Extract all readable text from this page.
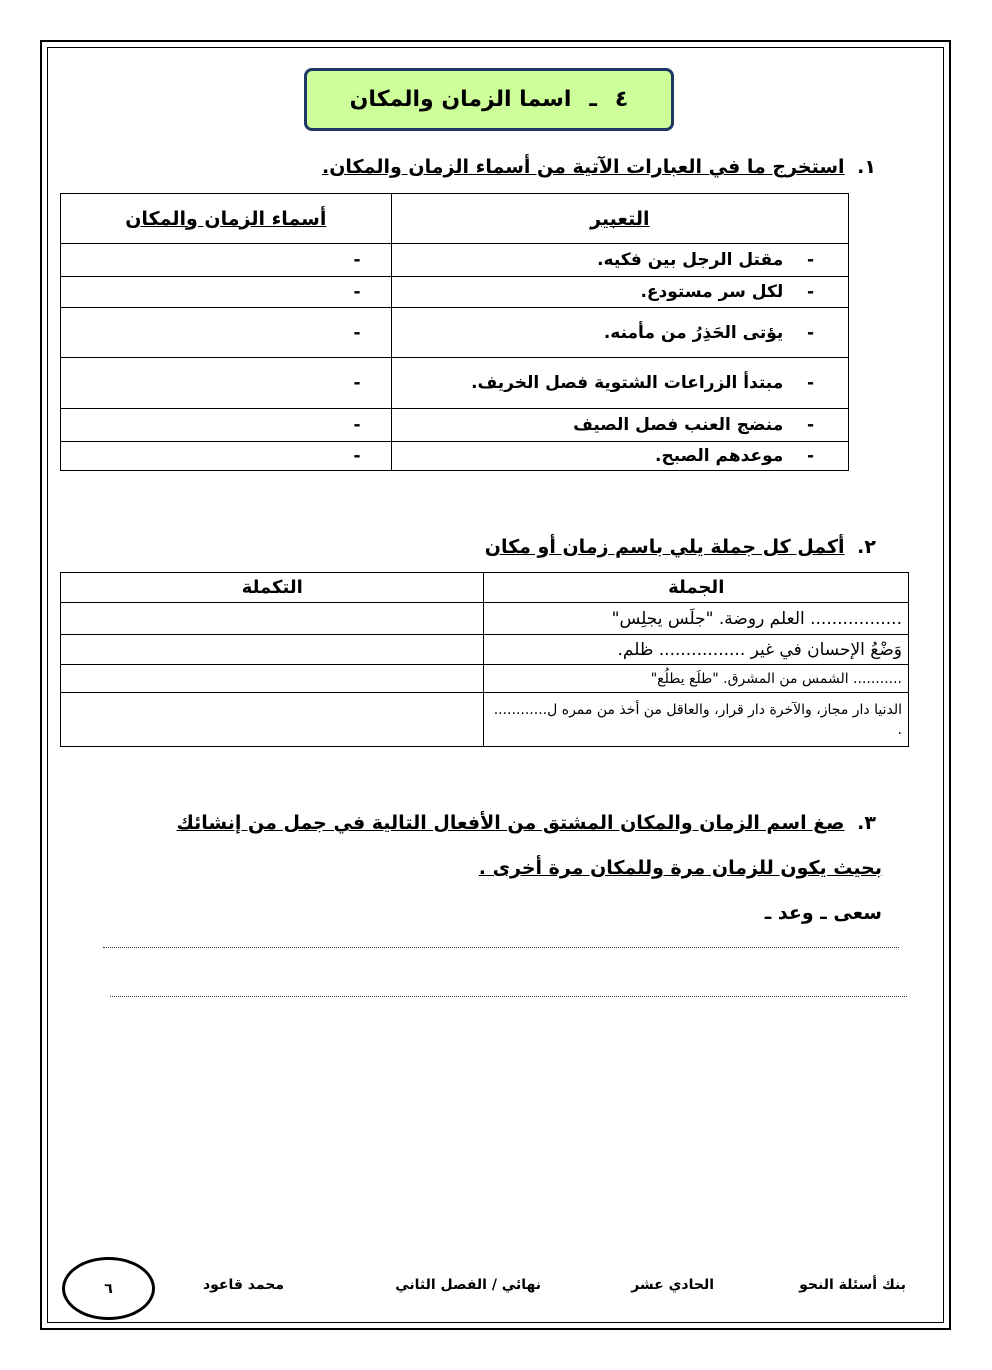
٤
ـ
اسما الزمان والمكان
١. استخرج ما في العبارات الآتية من أسماء الزمان والمكان.
التعبير	أسماء الزمان والمكان
-    مقتل الرجل بين فكيه.	-
-    لكل سر مستودع.	-
-    يؤتى الحَذِرُ من مأمنه.	-
-    مبتدأ الزراعات الشتوية فصل الخريف.	-
-    منضج العنب فصل الصيف	-
-    موعدهم الصبح.	-
٢. أكمل كل جملة يلي باسم زمان أو مكان
الجملة	التكملة
................. العلم روضة. "جلَس يجلِس"	
وَضْعُ الإحسان في غير ................ ظلم.	
........... الشمس من المشرق. "طلَع يطلُع"	
الدنيا دار مجاز، والآخرة دار قرار، والعاقل من أخذ من ممره ل............ .	
٣. صغ اسم الزمان والمكان المشتق من الأفعال التالية في جمل من إنشائك
بحيث يكون للزمان مرة وللمكان مرة أخرى .
سعى ـ وعد ـ
بنك أسئلة النحو
الحادي عشر
نهائي / الفصل الثاني
محمد قاعود
٦
